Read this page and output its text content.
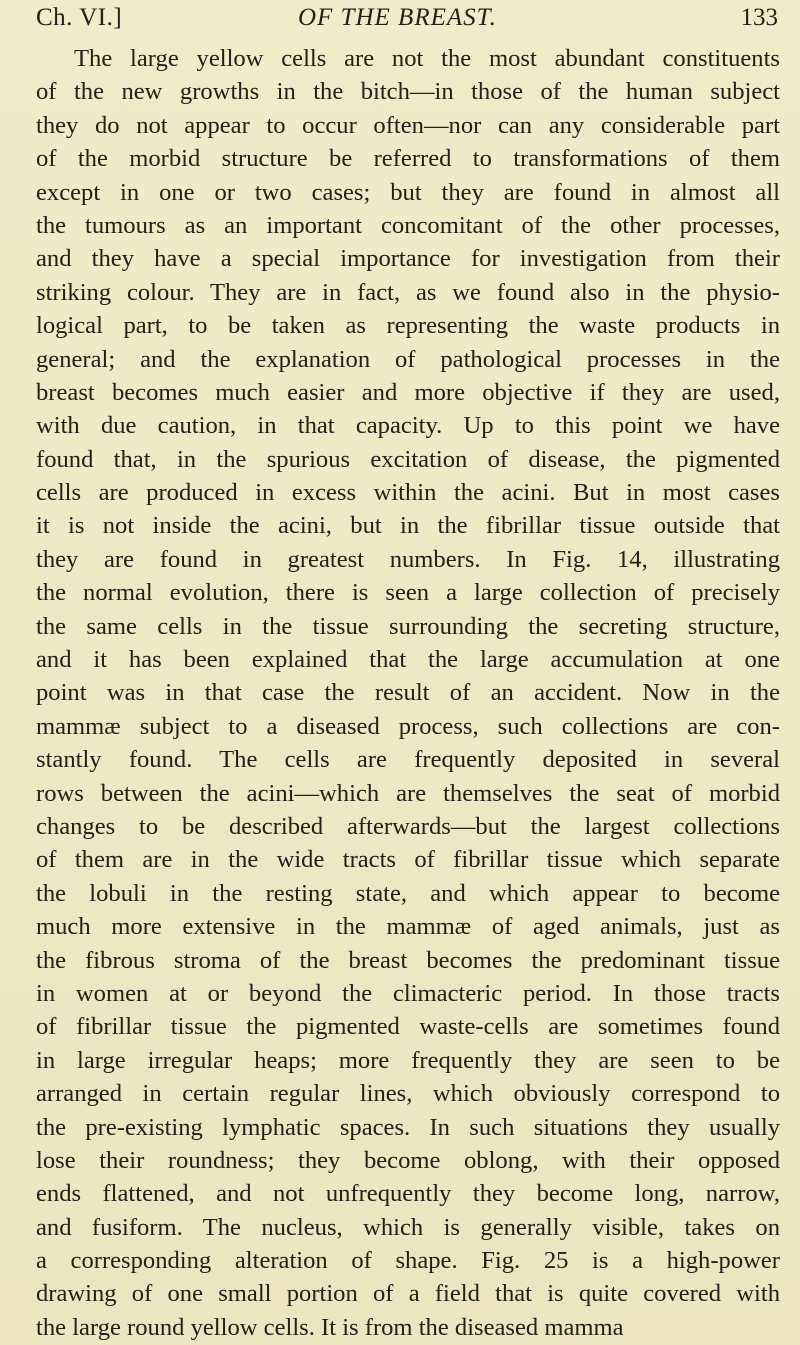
Ch. VI.]	OF THE BREAST.	133
The large yellow cells are not the most abundant constituents
of the new growths in the bitch—in those of the human subject
they do not appear to occur often—nor can any considerable part
of the morbid structure be referred to transformations of them
except in one or two cases; but they are found in almost all
the tumours as an important concomitant of the other processes,
and they have a special importance for investigation from their
striking colour. They are in fact, as we found also in the physio-
logical part, to be taken as representing the waste products in
general; and the explanation of pathological processes in the
breast becomes much easier and more objective if they are used,
with due caution, in that capacity. Up to this point we have
found that, in the spurious excitation of disease, the pigmented
cells are produced in excess within the acini. But in most cases
it is not inside the acini, but in the fibrillar tissue outside that
they are found in greatest numbers. In Fig. 14, illustrating
the normal evolution, there is seen a large collection of precisely
the same cells in the tissue surrounding the secreting structure,
and it has been explained that the large accumulation at one
point was in that case the result of an accident. Now in the
mammæ subject to a diseased process, such collections are con-
stantly found. The cells are frequently deposited in several
rows between the acini—which are themselves the seat of morbid
changes to be described afterwards—but the largest collections
of them are in the wide tracts of fibrillar tissue which separate
the lobuli in the resting state, and which appear to become
much more extensive in the mammæ of aged animals, just as
the fibrous stroma of the breast becomes the predominant tissue
in women at or beyond the climacteric period. In those tracts
of fibrillar tissue the pigmented waste-cells are sometimes found
in large irregular heaps; more frequently they are seen to be
arranged in certain regular lines, which obviously correspond to
the pre-existing lymphatic spaces. In such situations they usually
lose their roundness; they become oblong, with their opposed
ends flattened, and not unfrequently they become long, narrow,
and fusiform. The nucleus, which is generally visible, takes on
a corresponding alteration of shape. Fig. 25 is a high-power
drawing of one small portion of a field that is quite covered with
the large round yellow cells. It is from the diseased mamma
